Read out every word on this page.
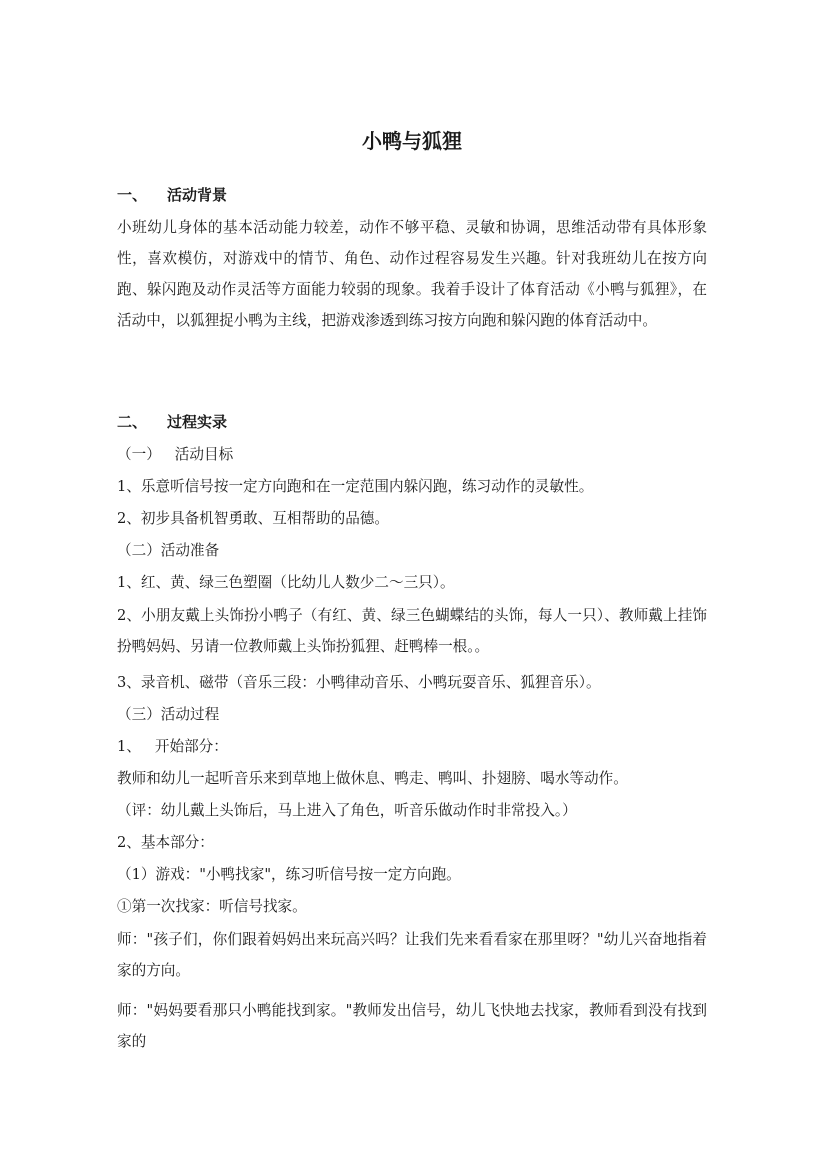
小鸭与狐狸
一、 活动背景

小班幼儿身体的基本活动能力较差，动作不够平稳、灵敏和协调，思维活动带有具体形象性，喜欢模仿，对游戏中的情节、角色、动作过程容易发生兴趣。针对我班幼儿在按方向跑、躲闪跑及动作灵活等方面能力较弱的现象。我着手设计了体育活动《小鸭与狐狸》，在活动中，以狐狸捉小鸭为主线，把游戏渗透到练习按方向跑和躲闪跑的体育活动中。

二、 过程实录

（一） 活动目标

1、乐意听信号按一定方向跑和在一定范围内躲闪跑，练习动作的灵敏性。

2、初步具备机智勇敢、互相帮助的品德。

（二）活动准备

1、红、黄、绿三色塑圈（比幼儿人数少二～三只）。

2、小朋友戴上头饰扮小鸭子（有红、黄、绿三色蝴蝶结的头饰，每人一只）、教师戴上挂饰扮鸭妈妈、另请一位教师戴上头饰扮狐狸、赶鸭棒一根。。

3、录音机、磁带（音乐三段：小鸭律动音乐、小鸭玩耍音乐、狐狸音乐）。

（三）活动过程

1、 开始部分：

教师和幼儿一起听音乐来到草地上做休息、鸭走、鸭叫、扑翅膀、喝水等动作。

（评：幼儿戴上头饰后，马上进入了角色，听音乐做动作时非常投入。）

2、基本部分：

（1）游戏："小鸭找家"，练习听信号按一定方向跑。

①第一次找家：听信号找家。

师："孩子们，你们跟着妈妈出来玩高兴吗？让我们先来看看家在那里呀？"幼儿兴奋地指着家的方向。

师："妈妈要看那只小鸭能找到家。"教师发出信号，幼儿飞快地去找家，教师看到没有找到家的
